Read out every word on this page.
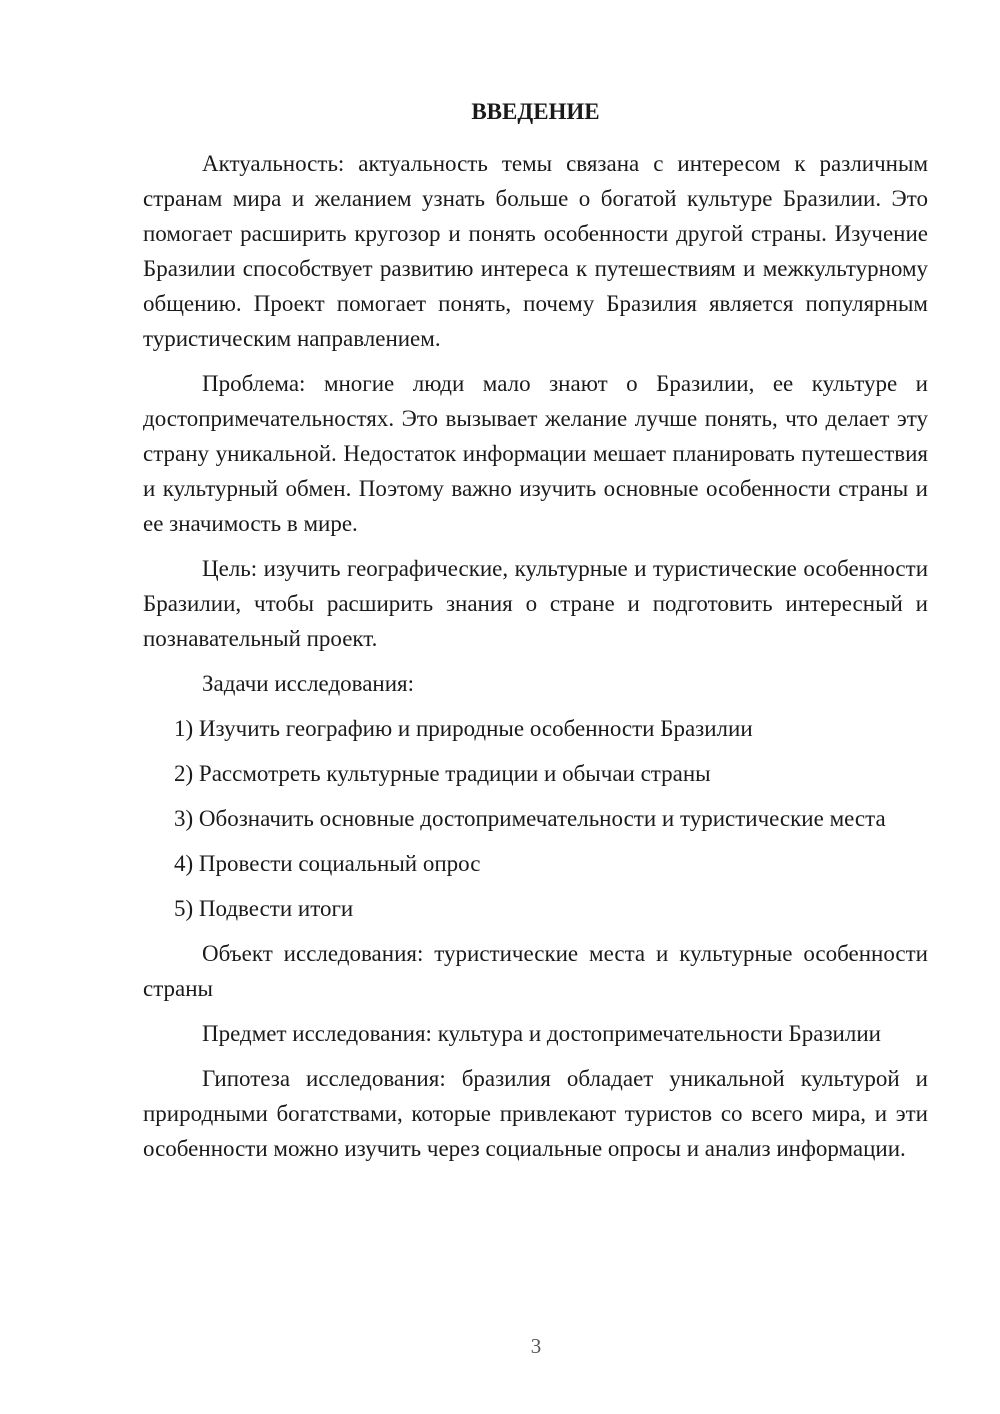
ВВЕДЕНИЕ

Актуальность: актуальность темы связана с интересом к различным странам мира и желанием узнать больше о богатой культуре Бразилии. Это помогает расширить кругозор и понять особенности другой страны. Изучение Бразилии способствует развитию интереса к путешествиям и межкультурному общению. Проект помогает понять, почему Бразилия является популярным туристическим направлением.

Проблема: многие люди мало знают о Бразилии, ее культуре и достопримечательностях. Это вызывает желание лучше понять, что делает эту страну уникальной. Недостаток информации мешает планировать путешествия и культурный обмен. Поэтому важно изучить основные особенности страны и ее значимость в мире.

Цель: изучить географические, культурные и туристические особенности Бразилии, чтобы расширить знания о стране и подготовить интересный и познавательный проект.

Задачи исследования:

1) Изучить географию и природные особенности Бразилии

2) Рассмотреть культурные традиции и обычаи страны

3) Обозначить основные достопримечательности и туристические места

4) Провести социальный опрос

5) Подвести итоги

Объект исследования: туристические места и культурные особенности страны

Предмет исследования: культура и достопримечательности Бразилии

Гипотеза исследования: бразилия обладает уникальной культурой и природными богатствами, которые привлекают туристов со всего мира, и эти особенности можно изучить через социальные опросы и анализ информации.

3
